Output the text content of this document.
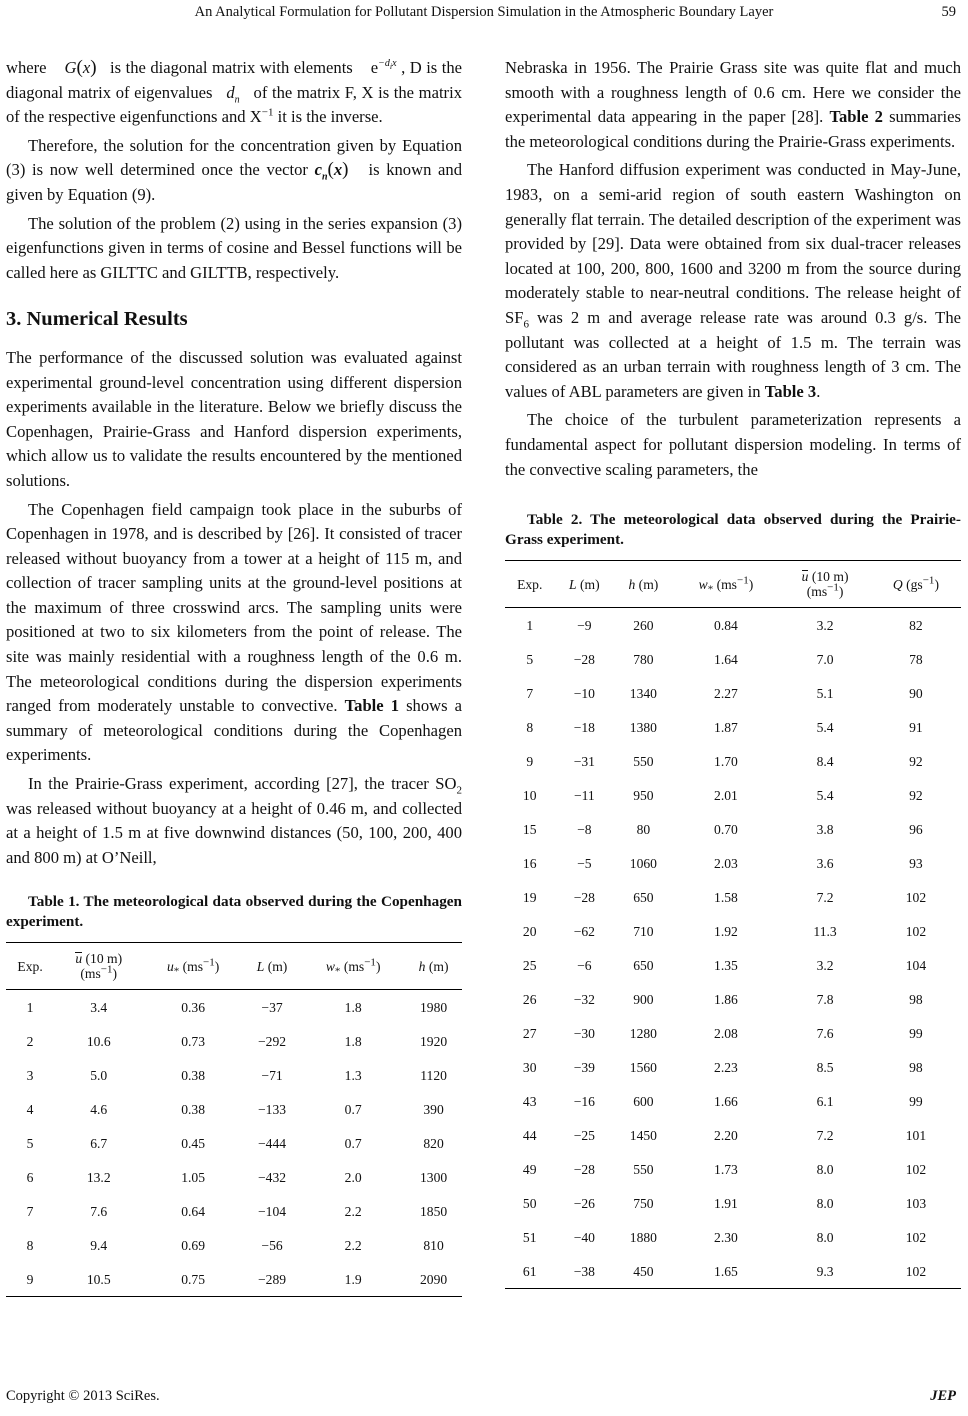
An Analytical Formulation for Pollutant Dispersion Simulation in the Atmospheric Boundary Layer	59

where G(x) is the diagonal matrix with elements $e^{-d_ix}$ , D is the diagonal matrix of eigenvalues $d_n$ of the matrix F, X is the matrix of the respective eigenfunctions and $X^{-1}$ it is the inverse.

Therefore, the solution for the concentration given by Equation (3) is now well determined once the vector $c_n(x)$ is known and given by Equation (9).

The solution of the problem (2) using in the series expansion (3) eigenfunctions given in terms of cosine and Bessel functions will be called here as GILTTC and GILTTB, respectively.

3. Numerical Results

The performance of the discussed solution was evaluated against experimental ground-level concentration using different dispersion experiments available in the literature. Below we briefly discuss the Copenhagen, Prairie-Grass and Hanford dispersion experiments, which allow us to validate the results encountered by the mentioned solutions.

The Copenhagen field campaign took place in the suburbs of Copenhagen in 1978, and is described by [26]. It consisted of tracer released without buoyancy from a tower at a height of 115 m, and collection of tracer sampling units at the ground-level positions at the maximum of three crosswind arcs. The sampling units were positioned at two to six kilometers from the point of release. The site was mainly residential with a roughness length of the 0.6 m. The meteorological conditions during the dispersion experiments ranged from moderately unstable to convective. Table 1 shows a summary of meteorological conditions during the Copenhagen experiments.

In the Prairie-Grass experiment, according [27], the tracer $SO_2$ was released without buoyancy at a height of 0.46 m, and collected at a height of 1.5 m at five downwind distances (50, 100, 200, 400 and 800 m) at O’Neill,

Table 1. The meteorological data observed during the Copenhagen experiment.

Exp.	u (10 m)
$(ms^{-1})$	$u_*$ $(ms^{-1})$	L (m)	$w_*$ $(ms^{-1})$	h (m)
1	3.4	0.36	−37	1.8	1980
2	10.6	0.73	−292	1.8	1920
3	5.0	0.38	−71	1.3	1120
4	4.6	0.38	−133	0.7	390
5	6.7	0.45	−444	0.7	820
6	13.2	1.05	−432	2.0	1300
7	7.6	0.64	−104	2.2	1850
8	9.4	0.69	−56	2.2	810
9	10.5	0.75	−289	1.9	2090

Nebraska in 1956. The Prairie Grass site was quite flat and much smooth with a roughness length of 0.6 cm. Here we consider the experimental data appearing in the paper [28]. Table 2 summaries the meteorological conditions during the Prairie-Grass experiments.

The Hanford diffusion experiment was conducted in May-June, 1983, on a semi-arid region of south eastern Washington on generally flat terrain. The detailed description of the experiment was provided by [29]. Data were obtained from six dual-tracer releases located at 100, 200, 800, 1600 and 3200 m from the source during moderately stable to near-neutral conditions. The release height of $SF_6$ was 2 m and average release rate was around 0.3 g/s. The pollutant was collected at a height of 1.5 m. The terrain was considered as an urban terrain with roughness length of 3 cm. The values of ABL parameters are given in Table 3.

The choice of the turbulent parameterization represents a fundamental aspect for pollutant dispersion modeling. In terms of the convective scaling parameters, the

Table 2. The meteorological data observed during the Prairie-Grass experiment.

Exp.	L (m)	h (m)	$w_*$ $(ms^{-1})$	u (10 m)
$(ms^{-1})$	Q $(gs^{-1})$
1	−9	260	0.84	3.2	82
5	−28	780	1.64	7.0	78
7	−10	1340	2.27	5.1	90
8	−18	1380	1.87	5.4	91
9	−31	550	1.70	8.4	92
10	−11	950	2.01	5.4	92
15	−8	80	0.70	3.8	96
16	−5	1060	2.03	3.6	93
19	−28	650	1.58	7.2	102
20	−62	710	1.92	11.3	102
25	−6	650	1.35	3.2	104
26	−32	900	1.86	7.8	98
27	−30	1280	2.08	7.6	99
30	−39	1560	2.23	8.5	98
43	−16	600	1.66	6.1	99
44	−25	1450	2.20	7.2	101
49	−28	550	1.73	8.0	102
50	−26	750	1.91	8.0	103
51	−40	1880	2.30	8.0	102
61	−38	450	1.65	9.3	102
Copyright © 2013 SciRes.	JEP
